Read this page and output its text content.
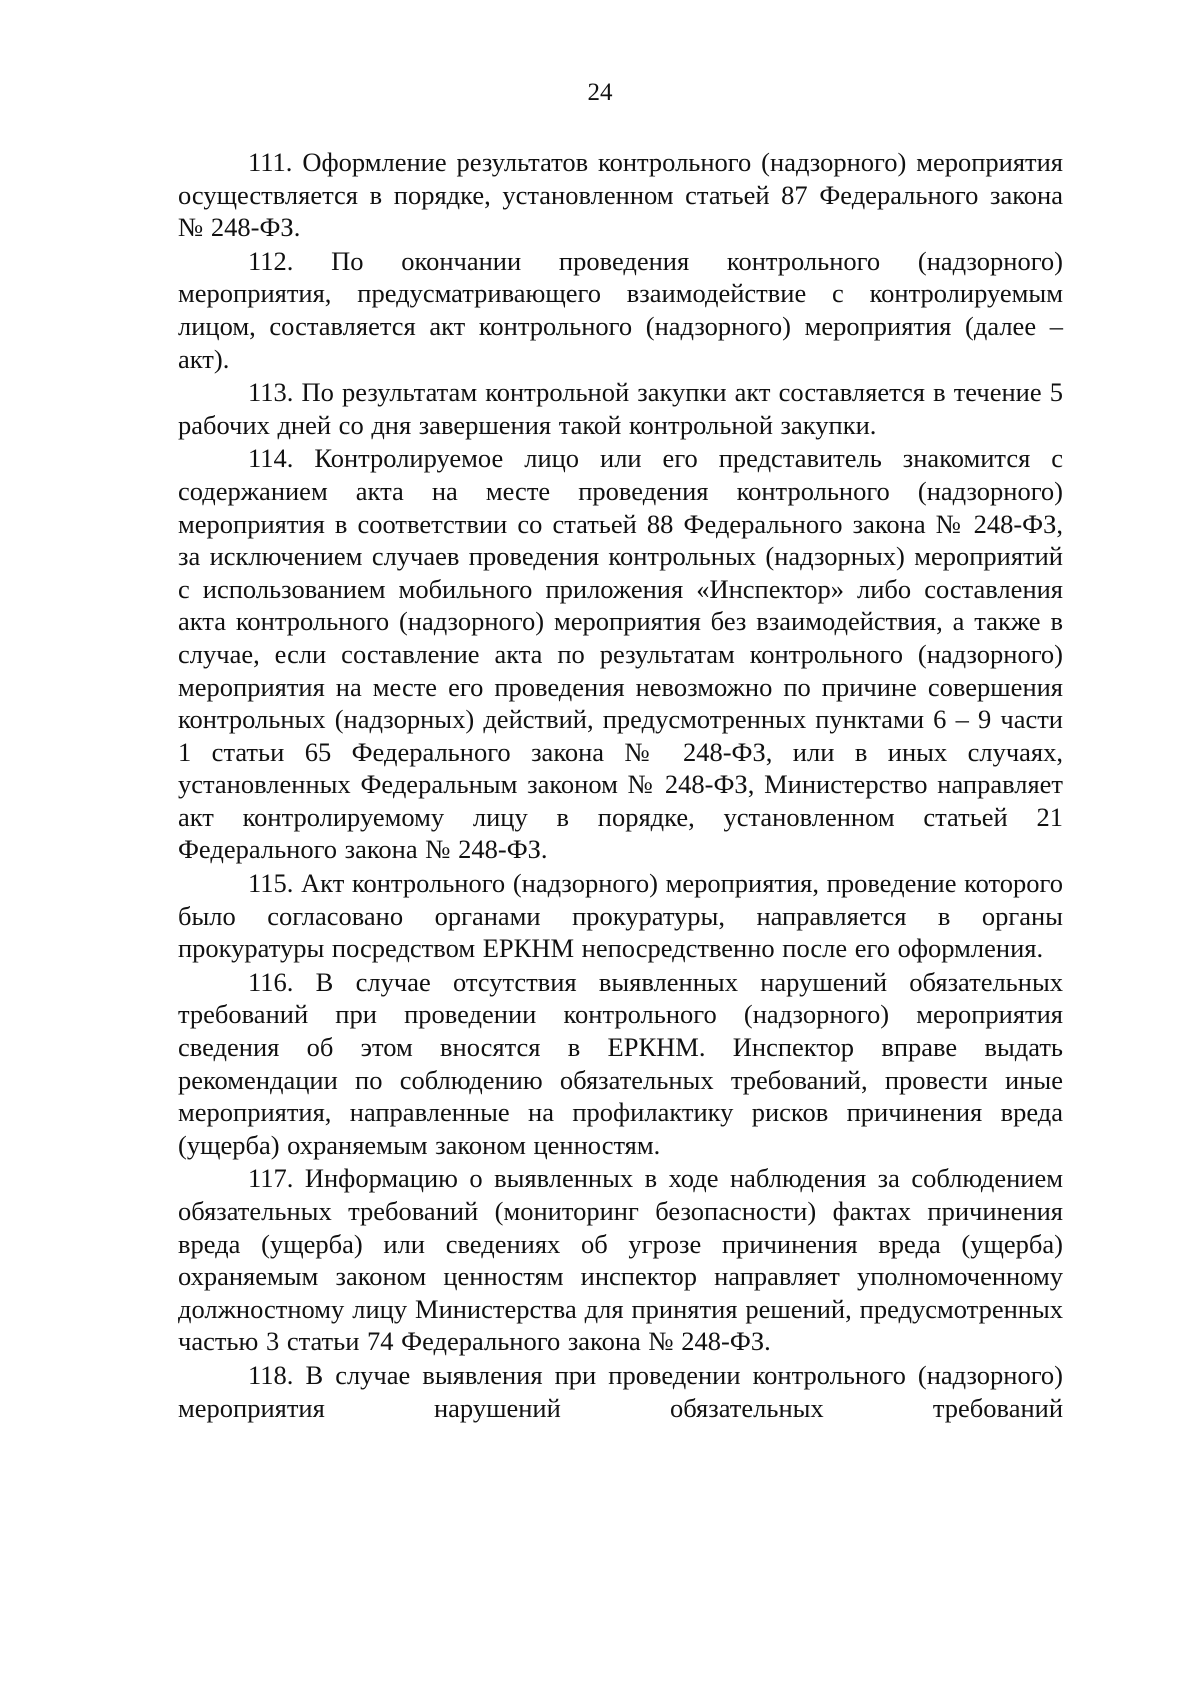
24

111. Оформление результатов контрольного (надзорного) мероприятия осуществляется в порядке, установленном статьей 87 Федерального закона № 248-ФЗ.

112. По окончании проведения контрольного (надзорного) мероприятия, предусматривающего взаимодействие с контролируемым лицом, составляется акт контрольного (надзорного) мероприятия (далее – акт).

113. По результатам контрольной закупки акт составляется в течение 5 рабочих дней со дня завершения такой контрольной закупки.

114. Контролируемое лицо или его представитель знакомится с содержанием акта на месте проведения контрольного (надзорного) мероприятия в соответствии со статьей 88 Федерального закона № 248-ФЗ, за исключением случаев проведения контрольных (надзорных) мероприятий с использованием мобильного приложения «Инспектор» либо составления акта контрольного (надзорного) мероприятия без взаимодействия, а также в случае, если составление акта по результатам контрольного (надзорного) мероприятия на месте его проведения невозможно по причине совершения контрольных (надзорных) действий, предусмотренных пунктами 6 – 9 части 1 статьи 65 Федерального закона № 248-ФЗ, или в иных случаях, установленных Федеральным законом № 248-ФЗ, Министерство направляет акт контролируемому лицу в порядке, установленном статьей 21 Федерального закона № 248-ФЗ.

115. Акт контрольного (надзорного) мероприятия, проведение которого было согласовано органами прокуратуры, направляется в органы прокуратуры посредством ЕРКНМ непосредственно после его оформления.

116. В случае отсутствия выявленных нарушений обязательных требований при проведении контрольного (надзорного) мероприятия сведения об этом вносятся в ЕРКНМ. Инспектор вправе выдать рекомендации по соблюдению обязательных требований, провести иные мероприятия, направленные на профилактику рисков причинения вреда (ущерба) охраняемым законом ценностям.

117. Информацию о выявленных в ходе наблюдения за соблюдением обязательных требований (мониторинг безопасности) фактах причинения вреда (ущерба) или сведениях об угрозе причинения вреда (ущерба) охраняемым законом ценностям инспектор направляет уполномоченному должностному лицу Министерства для принятия решений, предусмотренных частью 3 статьи 74 Федерального закона № 248-ФЗ.

118. В случае выявления при проведении контрольного (надзорного) мероприятия нарушений обязательных требований
